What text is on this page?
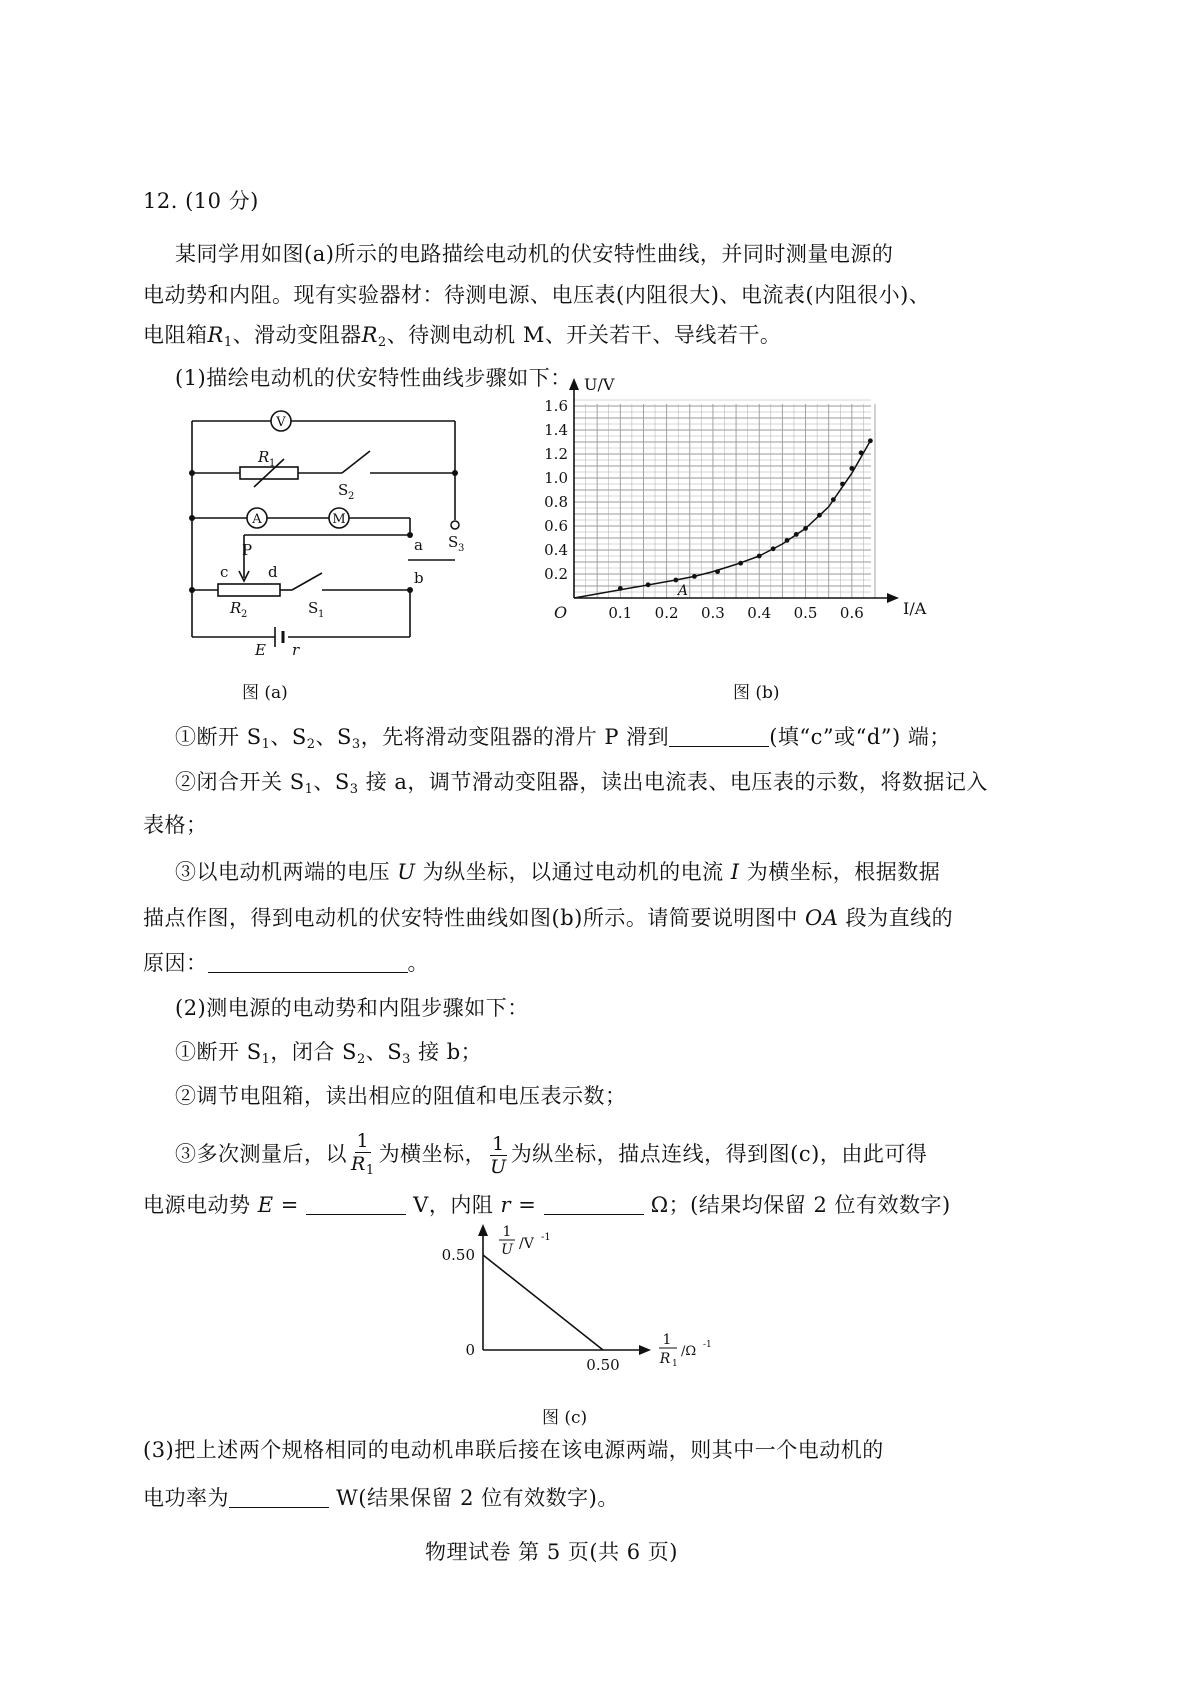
12. (10 分)
某同学用如图(a)所示的电路描绘电动机的伏安特性曲线，并同时测量电源的
电动势和内阻。现有实验器材：待测电源、电压表(内阻很大)、电流表(内阻很小)、
电阻箱$R_1$、滑动变阻器$R_2$、待测电动机 M、开关若干、导线若干。
(1)描绘电动机的伏安特性曲线步骤如下：
V
A	M
R 1
S 2
a S 3
P
c	d	b
R 2	S 1
E r
图 (a)
0.1 0.2 0.3 0.4 0.5 0.6
0.2
0.4
0.6
0.8
1.0
1.2
1.4
1.6
O	I/A
U/V
A
图 (b)
①断开 $S_1$、$S_2$、$S_3$，先将滑动变阻器的滑片 P 滑到	(填“c”或“d”) 端；
②闭合开关 $S_1$、$S_3$ 接 a，调节滑动变阻器，读出电流表、电压表的示数，将数据记入
表格；
③以电动机两端的电压 U 为纵坐标，以通过电动机的电流 I 为横坐标，根据数据
描点作图，得到电动机的伏安特性曲线如图(b)所示。请简要说明图中 OA 段为直线的
原因：	。
(2)测电源的电动势和内阻步骤如下：
①断开 $S_1$，闭合 $S_2$、$S_3$ 接 b；
②调节电阻箱，读出相应的阻值和电压表示数；
③多次测量后，以 $\frac{1}{R_1}$ 为横坐标， $\frac{1}{U}$ 为纵坐标，描点连线，得到图(c)，由此可得
电源电动势 E =	V，内阻 r =	Ω；(结果均保留 2 位有效数字)
0.50
0
0.50
1
U /V -1
1
R 1
/Ω -1
图 (c)
(3)把上述两个规格相同的电动机串联后接在该电源两端，则其中一个电动机的
电功率为	W(结果保留 2 位有效数字)。
物理试卷 第 5 页(共 6 页)
